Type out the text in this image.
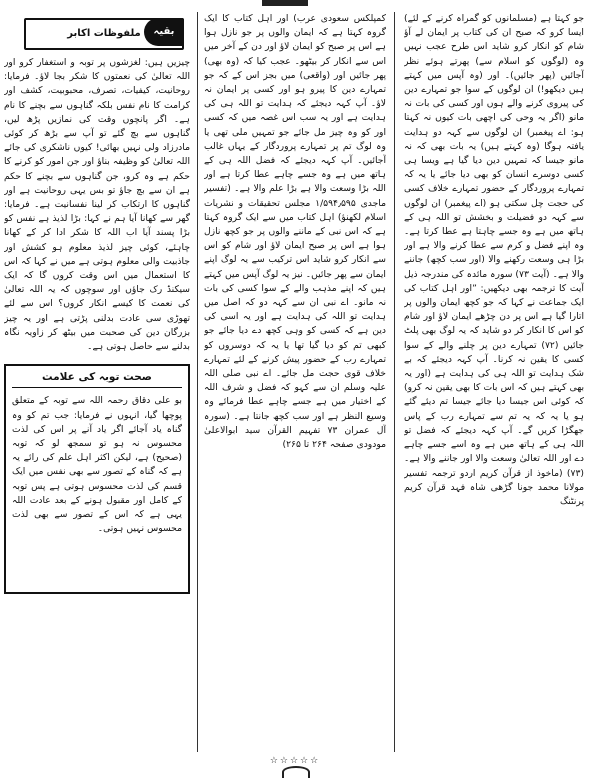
جو کہتا ہے (مسلمانوں کو گمراہ کرنے کے لئے) ایسا کرو کہ صبح ان کی کتاب پر ایمان لے آؤ شام کو انکار کرو شاید اس طرح عجب نہیں وہ (لوگوں کو اسلام سے) پھرتے ہوئے نظر آجائیں (پھر جائیں)۔ اور (وہ آپس میں کہتے ہیں دیکھو!) ان لوگوں کے سوا جو تمہارے دین کی پیروی کرنے والے ہوں اور کسی کی بات نہ مانو (اگر یہ وحی کی اچھی بات کیوں نہ کہتا ہو: اے پیغمبر) ان لوگوں سے کہہ دو ہدایت یافتہ ہوگا (وہ کہتے ہیں) یہ بات بھی کہ نہ مانو جیسا کہ تمہیں دین دیا گیا ہے ویسا ہی کسی دوسرے انسان کو بھی دیا جائے یا یہ کہ تمہارے پروردگار کے حضور تمہارے خلاف کسی کی حجت چل سکتی ہو (اے پیغمبر) ان لوگوں سے کہہ دو فضیلت و بخشش تو اللہ ہی کے ہاتھ میں ہے وہ جسے چاہتا ہے عطا کرتا ہے۔ وہ اپنے فضل و کرم سے عطا کرنے والا ہے اور بڑا ہی وسعت رکھنے والا (اور سب کچھ) جاننے والا ہے۔ (آیت ۷۳) سورہ مائدہ کی مندرجہ ذیل آیت کا ترجمہ بھی دیکھیں: ”اور اہل کتاب کی ایک جماعت نے کہا کہ جو کچھ ایمان والوں پر اتارا گیا ہے اس پر دن چڑھے ایمان لاؤ اور شام کو اس کا انکار کر دو شاید کہ یہ لوگ بھی پلٹ جائیں (۷۲) تمہارے دین پر چلنے والے کے سوا کسی کا یقین نہ کرنا۔ آپ کہہ دیجئے کہ بے شک ہدایت تو اللہ ہی کی ہدایت ہے (اور یہ بھی کہتے ہیں کہ اس بات کا بھی یقین نہ کرو) کہ کوئی اس جیسا دیا جائے جیسا تم دیئے گئے ہو یا یہ کہ یہ تم سے تمہارے رب کے پاس جھگڑا کریں گے۔ آپ کہہ دیجئے کہ فضل تو اللہ ہی کے ہاتھ میں ہے وہ اسے جسے چاہے دے اور اللہ تعالیٰ وسعت والا اور جاننے والا ہے۔ (۷۳) (ماخوذ از قرآن کریم اردو ترجمہ تفسیر مولانا محمد جونا گڑھی شاہ فہد قرآن کریم پرنٹنگ

کمپلکس سعودی عرب) اور اہل کتاب کا ایک گروہ کہتا ہے کہ ایمان والوں پر جو نازل ہوا ہے اس پر صبح کو ایمان لاؤ اور دن کے آخر میں اس سے انکار کر بیٹھو۔ عجب کیا کہ (وہ بھی) پھر جائیں اور (واقعی) میں بجز اس کے کہ جو تمہارے دین کا پیرو ہو اور کسی پر ایمان نہ لاؤ۔ آپ کہہ دیجئے کہ ہدایت تو اللہ ہی کی ہدایت ہے اور یہ سب اس غصہ میں کہ کسی اور کو وہ چیز مل جائے جو تمہیں ملی تھی یا وہ لوگ تم پر تمہارے پروردگار کے یہاں غالب آجائیں۔ آپ کہہ دیجئے کہ فضل اللہ ہی کے ہاتھ میں ہے وہ جسے چاہے عطا کرتا ہے اور اللہ بڑا وسعت والا ہے بڑا علم والا ہے۔ (تفسیر ماجدی ۱/۵۹۴٫۵۹۵ مجلس تحقیقات و نشریات اسلام لکھنؤ) اہل کتاب میں سے ایک گروہ کہتا ہے کہ اس نبی کے ماننے والوں پر جو کچھ نازل ہوا ہے اس پر صبح ایمان لاؤ اور شام کو اس سے انکار کرو شاید اس ترکیب سے یہ لوگ اپنے ایمان سے پھر جائیں۔ نیز یہ لوگ آپس میں کہتے ہیں کہ اپنے مذہب والے کے سوا کسی کی بات نہ مانو۔ اے نبی ان سے کہہ دو کہ اصل میں ہدایت تو اللہ کی ہدایت ہے اور یہ اسی کی دین ہے کہ کسی کو وہی کچھ دے دیا جائے جو کبھی تم کو دیا گیا تھا یا یہ کہ دوسروں کو تمہارے رب کے حضور پیش کرنے کے لئے تمہارے خلاف قوی حجت مل جائے۔ اے نبی صلی اللہ علیہ وسلم ان سے کہو کہ فضل و شرف اللہ کے اختیار میں ہے جسے چاہے عطا فرمائے وہ وسیع النظر ہے اور سب کچھ جانتا ہے۔ (سورہ آل عمران ۷۳ تفہیم القرآن سید ابوالاعلیٰ مودودی صفحہ ۲۶۴ تا ۲۶۵)

بقیہ
ملفوظات اکابر

چیزیں ہیں: لغزشوں پر توبہ و استغفار کرو اور اللہ تعالیٰ کی نعمتوں کا شکر بجا لاؤ۔ فرمایا: روحانیت، کیفیات، تصرف، محبوبیت، کشف اور کرامت کا نام نفس بلکہ گناہوں سے بچنے کا نام ہے۔ اگر پانچوں وقت کی نمازیں پڑھ لیں، گناہوں سے بچ گئے تو آپ سے بڑھ کر کوئی مادرزاد ولی نہیں بھائی! کیوں ناشکری کی جائے اللہ تعالیٰ کو وظیفہ بناؤ اور جن امور کو کرنے کا حکم ہے وہ کرو، جن گناہوں سے بچنے کا حکم ہے ان سے بچ جاؤ تو بس یہی روحانیت ہے اور گناہوں کا ارتکاب کر لینا نفسانیت ہے۔ فرمایا: گھر سے کھانا آیا ہم نے کہا: بڑا لذیذ ہے نفس کو بڑا پسند آیا اب اللہ کا شکر ادا کر کے کھانا چاہئے، کوئی چیز لذیذ معلوم ہو کشش اور جاذبیت والی معلوم ہوتی ہے میں نے کہا کہ اس کا استعمال میں اس وقت کروں گا کہ ایک سیکنڈ رک جاؤں اور سوچوں کہ یہ اللہ تعالیٰ کی نعمت کا کیسے انکار کروں؟ اس سے لئے تھوڑی سی عادت بدلنی پڑتی ہے اور یہ چیز بزرگان دین کی صحبت میں بیٹھ کر زاویہ نگاہ بدلنے سے حاصل ہوتی ہے۔

صحت توبہ کی علامت

بو علی دقاق رحمہ اللہ سے توبہ کے متعلق پوچھا گیا، انہوں نے فرمایا: جب تم کو وہ گناہ یاد آجائے اگر یاد آنے پر اس کی لذت محسوس نہ ہو تو سمجھ لو کہ توبہ (صحیح) ہے، لیکن اکثر اہل علم کی رائے یہ ہے کہ گناہ کے تصور سے بھی نفس میں ایک قسم کی لذت محسوس ہوتی ہے پس توبہ کے کامل اور مقبول ہونے کے بعد عادت اللہ یہی ہے کہ اس کے تصور سے بھی لذت محسوس نہیں ہوتی۔

☆☆☆☆☆
